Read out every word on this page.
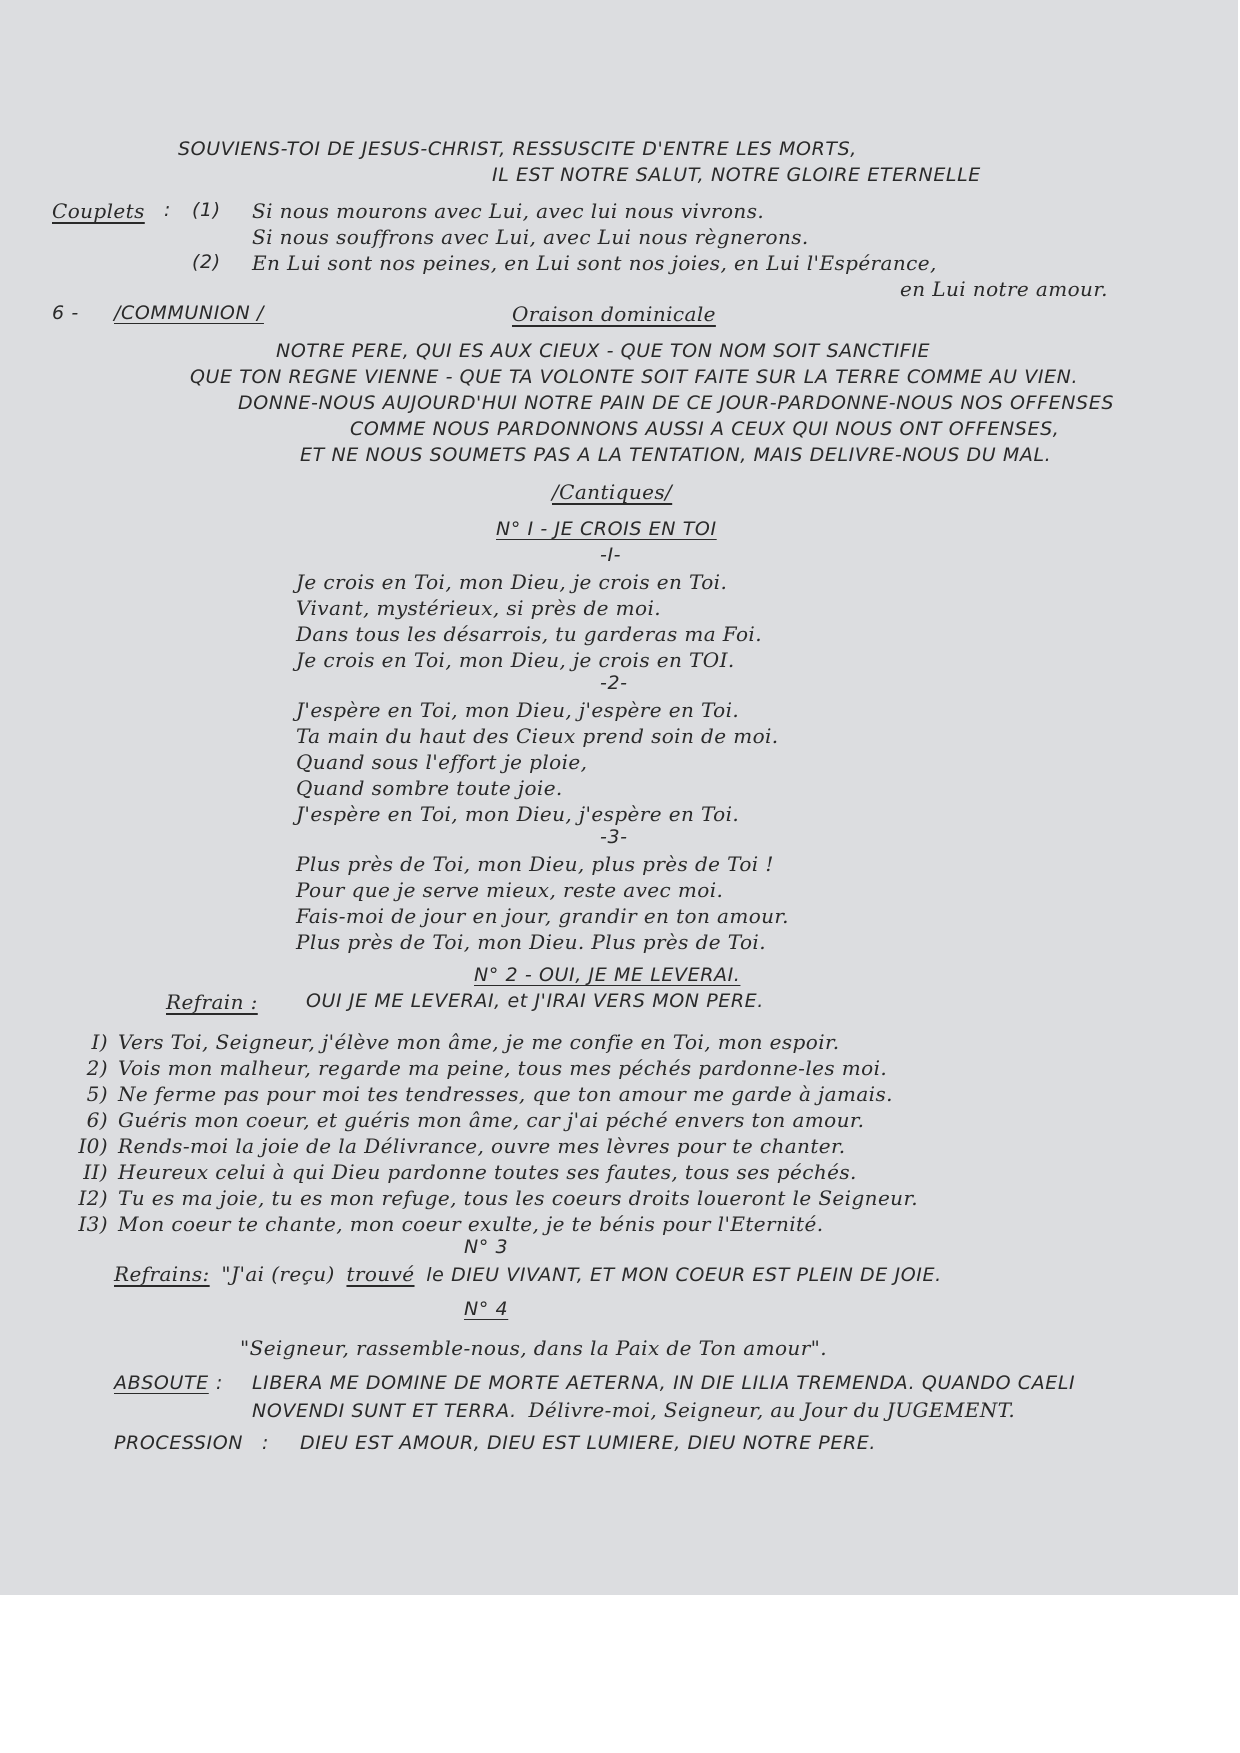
SOUVIENS-TOI DE JESUS-CHRIST, RESSUSCITE D'ENTRE LES MORTS,
IL EST NOTRE SALUT, NOTRE GLOIRE ETERNELLE
Couplets : (1) Si nous mourons avec Lui, avec lui nous vivrons.
Si nous souffrons avec Lui, avec Lui nous règnerons.
(2) En Lui sont nos peines, en Lui sont nos joies, en Lui l'Espérance,
en Lui notre amour.
6 - /COMMUNION /	Oraison dominicale
NOTRE PERE, QUI ES AUX CIEUX - QUE TON NOM SOIT SANCTIFIE
QUE TON REGNE VIENNE - QUE TA VOLONTE SOIT FAITE SUR LA TERRE COMME AU VIEN.
DONNE-NOUS AUJOURD'HUI NOTRE PAIN DE CE JOUR-PARDONNE-NOUS NOS OFFENSES
COMME NOUS PARDONNONS AUSSI A CEUX QUI NOUS ONT OFFENSES,
ET NE NOUS SOUMETS PAS A LA TENTATION, MAIS DELIVRE-NOUS DU MAL.
/Cantiques/
N° I - JE CROIS EN TOI
-I-
Je crois en Toi, mon Dieu, je crois en Toi.
Vivant, mystérieux, si près de moi.
Dans tous les désarrois, tu garderas ma Foi.
Je crois en Toi, mon Dieu, je crois en TOI.
-2-
J'espère en Toi, mon Dieu, j'espère en Toi.
Ta main du haut des Cieux prend soin de moi.
Quand sous l'effort je ploie,
Quand sombre toute joie.
J'espère en Toi, mon Dieu, j'espère en Toi.
-3-
Plus près de Toi, mon Dieu, plus près de Toi !
Pour que je serve mieux, reste avec moi.
Fais-moi de jour en jour, grandir en ton amour.
Plus près de Toi, mon Dieu. Plus près de Toi.
N° 2 - OUI, JE ME LEVERAI.
Refrain :	OUI JE ME LEVERAI, et J'IRAI VERS MON PERE.
I) Vers Toi, Seigneur, j'élève mon âme, je me confie en Toi, mon espoir.
2) Vois mon malheur, regarde ma peine, tous mes péchés pardonne-les moi.
5) Ne ferme pas pour moi tes tendresses, que ton amour me garde à jamais.
6) Guéris mon coeur, et guéris mon âme, car j'ai péché envers ton amour.
I0) Rends-moi la joie de la Délivrance, ouvre mes lèvres pour te chanter.
II) Heureux celui à qui Dieu pardonne toutes ses fautes, tous ses péchés.
I2) Tu es ma joie, tu es mon refuge, tous les coeurs droits loueront le Seigneur.
I3) Mon coeur te chante, mon coeur exulte, je te bénis pour l'Eternité.
N° 3
Refrains: "J'ai (reçu) trouvé le DIEU VIVANT, ET MON COEUR EST PLEIN DE JOIE.
N° 4
"Seigneur, rassemble-nous, dans la Paix de Ton amour".
ABSOUTE : LIBERA ME DOMINE DE MORTE AETERNA, IN DIE LILIA TREMENDA. QUANDO CAELI
NOVENDI SUNT ET TERRA. Délivre-moi, Seigneur, au Jour du JUGEMENT.
PROCESSION : DIEU EST AMOUR, DIEU EST LUMIERE, DIEU NOTRE PERE.
